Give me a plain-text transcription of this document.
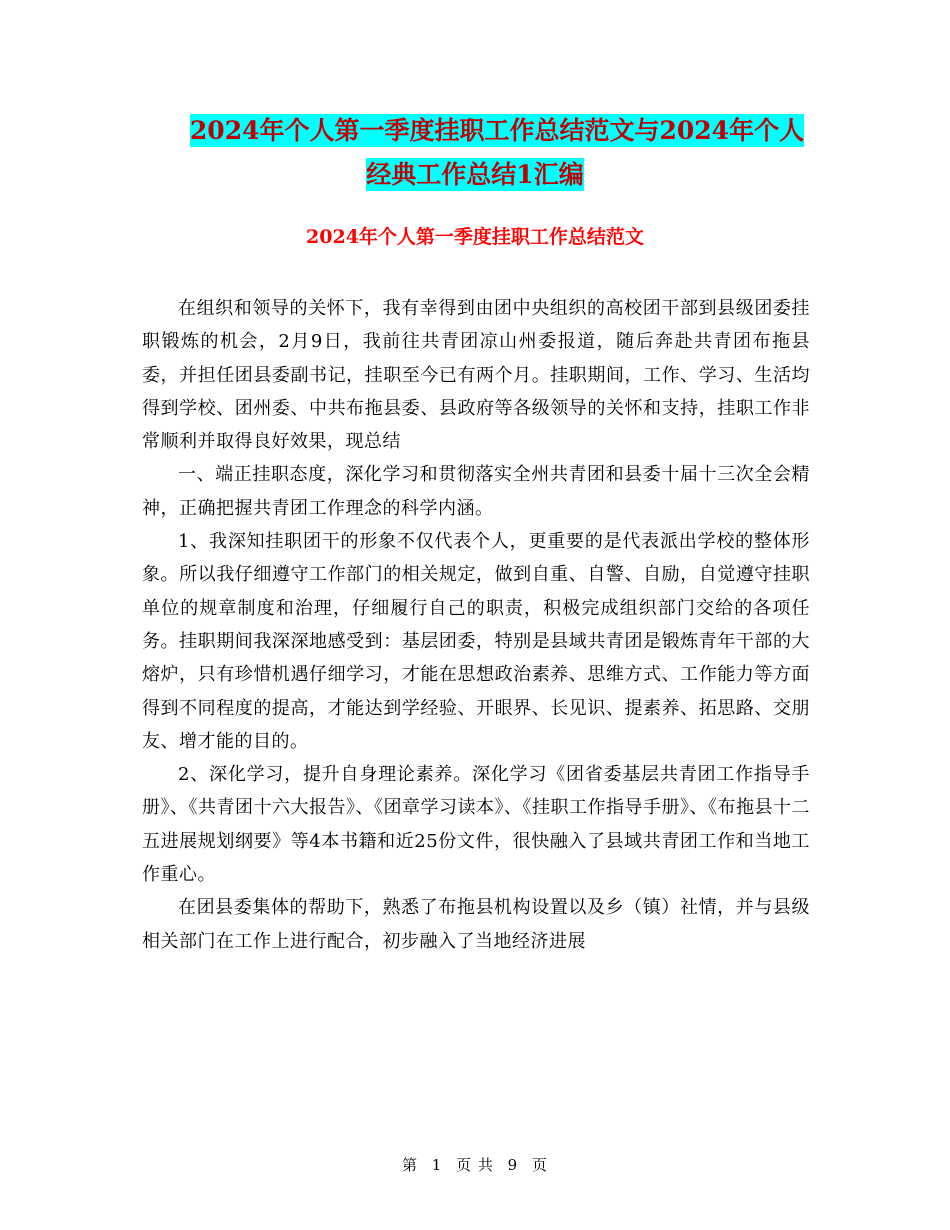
2024年个人第一季度挂职工作总结范文与2024年个人
经典工作总结1汇编
2024年个人第一季度挂职工作总结范文

在组织和领导的关怀下，我有幸得到由团中央组织的高校团干部到县级团委挂职锻炼的机会，2月9日，我前往共青团凉山州委报道，随后奔赴共青团布拖县委，并担任团县委副书记，挂职至今已有两个月。挂职期间，工作、学习、生活均得到学校、团州委、中共布拖县委、县政府等各级领导的关怀和支持，挂职工作非常顺利并取得良好效果，现总结

一、端正挂职态度，深化学习和贯彻落实全州共青团和县委十届十三次全会精神，正确把握共青团工作理念的科学内涵。

1、我深知挂职团干的形象不仅代表个人，更重要的是代表派出学校的整体形象。所以我仔细遵守工作部门的相关规定，做到自重、自警、自励，自觉遵守挂职单位的规章制度和治理，仔细履行自己的职责，积极完成组织部门交给的各项任务。挂职期间我深深地感受到：基层团委，特别是县域共青团是锻炼青年干部的大熔炉，只有珍惜机遇仔细学习，才能在思想政治素养、思维方式、工作能力等方面得到不同程度的提高，才能达到学经验、开眼界、长见识、提素养、拓思路、交朋友、增才能的目的。

2、深化学习，提升自身理论素养。深化学习《团省委基层共青团工作指导手册》、《共青团十六大报告》、《团章学习读本》、《挂职工作指导手册》、《布拖县十二五进展规划纲要》等4本书籍和近25份文件，很快融入了县域共青团工作和当地工作重心。

在团县委集体的帮助下，熟悉了布拖县机构设置以及乡（镇）社情，并与县级相关部门在工作上进行配合，初步融入了当地经济进展

第 1 页 共 9 页
